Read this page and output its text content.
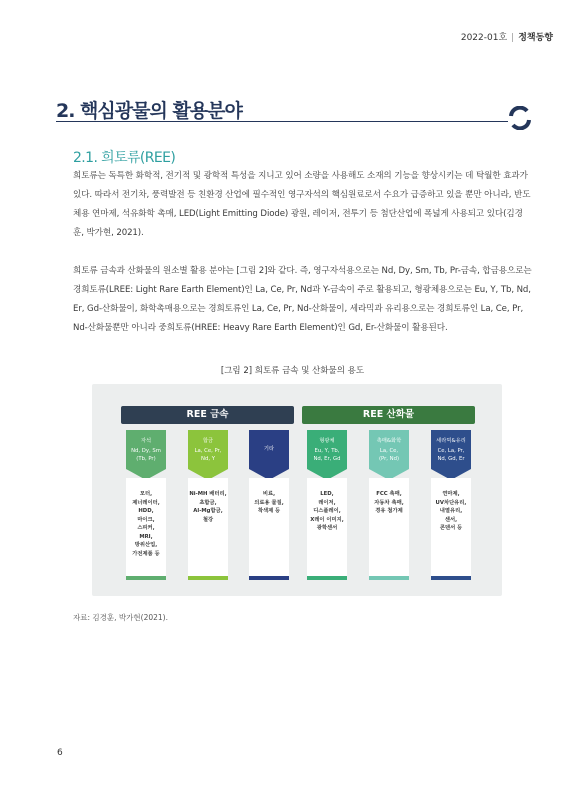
2022-01호 | 정책동향
2. 핵심광물의 활용분야
2.1. 희토류(REE)
희토류는 독특한 화학적, 전기적 및 광학적 특성을 지니고 있어 소량을 사용해도 소재의 기능을 향상시키는 데 탁월한 효과가 있다. 따라서 전기차, 풍력발전 등 친환경 산업에 필수적인 영구자석의 핵심원료로서 수요가 급증하고 있을 뿐만 아니라, 반도체용 연마제, 석유화학 촉매, LED(Light Emitting Diode) 광원, 레이저, 전투기 등 첨단산업에 폭넓게 사용되고 있다(김경훈, 박가현, 2021).
희토류 금속과 산화물의 원소별 활용 분야는 [그림 2]와 같다. 즉, 영구자석용으로는 Nd, Dy, Sm, Tb, Pr-금속, 합금용으로는 경희토류(LREE: Light Rare Earth Element)인 La, Ce, Pr, Nd과 Y-금속이 주로 활용되고, 형광체용으로는 Eu, Y, Tb, Nd, Er, Gd-산화물이, 화학촉매용으로는 경희토류인 La, Ce, Pr, Nd-산화물이, 세라믹과 유리용으로는 경희토류인 La, Ce, Pr, Nd-산화물뿐만 아니라 중희토류(HREE: Heavy Rare Earth Element)인 Gd, Er-산화물이 활용된다.
[그림 2] 희토류 금속 및 산화물의 용도
REE 금속	REE 산화물
자석
Nd, Dy, Sm
(Tb, Pr)
모터,
제너레이터,
HDD,
마이크,
스피커,
MRI,
방위산업,
가전제품 등
합금
La, Ce, Pr,
Nd, Y
Ni-MH 배터리,
초합금,
Al-Mg합금,
철강
기타
비료,
의료용 물질,
착색제 등
형광체
Eu, Y, Tb,
Nd, Er, Gd
LED,
레이저,
디스플레이,
X레이 이미지,
광학센서
촉매&화학
La, Ce,
(Pr, Nd)
FCC 촉매,
자동차 촉매,
경유 첨가제
세라믹&유리
Ce, La, Pr,
Nd, Gd, Er
연마제,
UV차단유리,
내열유리,
센서,
콘덴서 등
자료: 김경훈, 박가현(2021).
6
